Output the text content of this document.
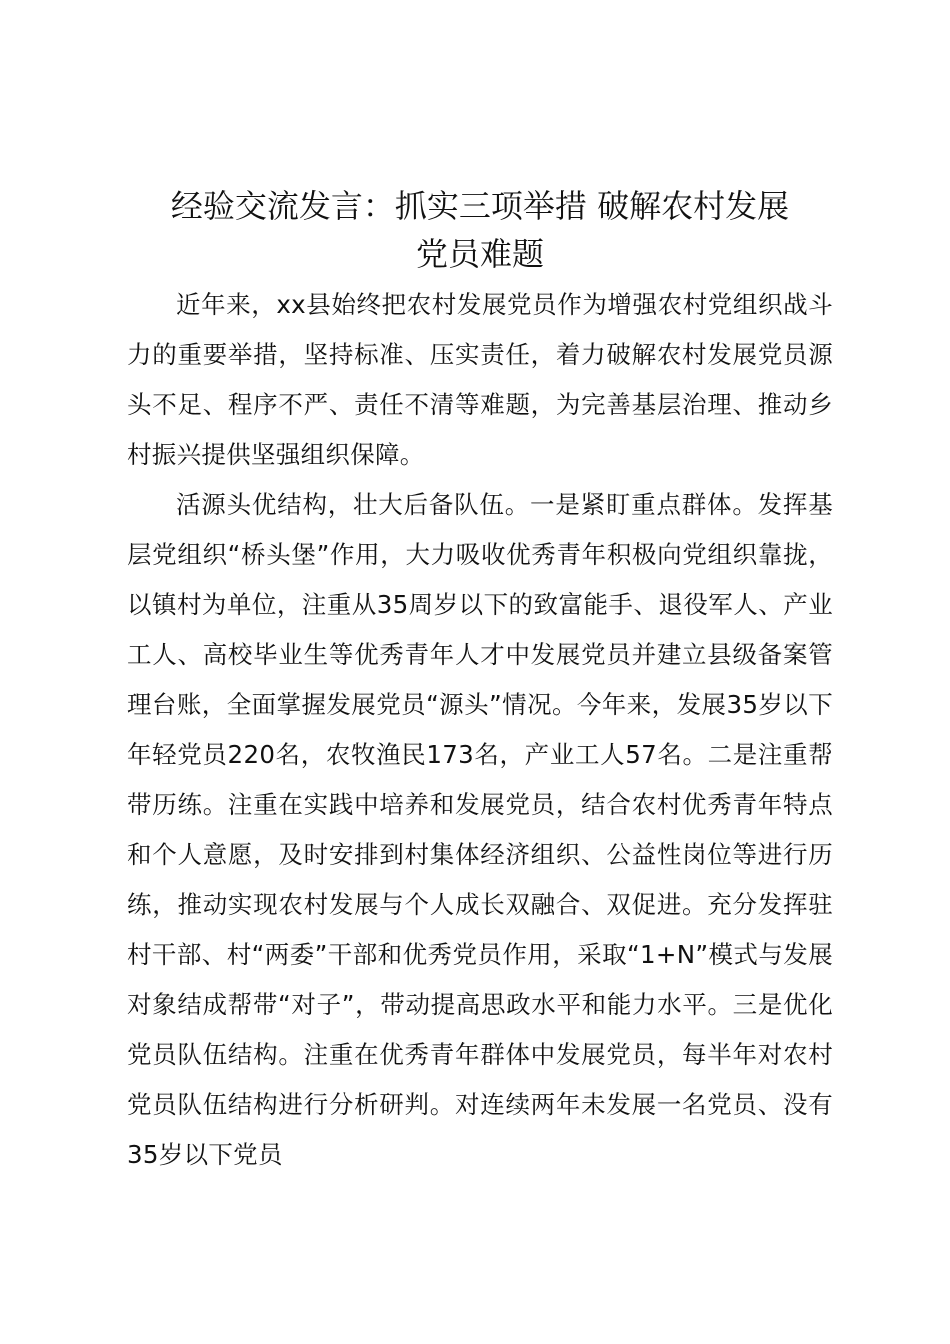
经验交流发言：抓实三项举措 破解农村发展
党员难题

近年来，xx县始终把农村发展党员作为增强农村党组织战斗力的重要举措，坚持标准、压实责任，着力破解农村发展党员源头不足、程序不严、责任不清等难题，为完善基层治理、推动乡村振兴提供坚强组织保障。

活源头优结构，壮大后备队伍。一是紧盯重点群体。发挥基层党组织“桥头堡”作用，大力吸收优秀青年积极向党组织靠拢，以镇村为单位，注重从35周岁以下的致富能手、退役军人、产业工人、高校毕业生等优秀青年人才中发展党员并建立县级备案管理台账，全面掌握发展党员“源头”情况。今年来，发展35岁以下年轻党员220名，农牧渔民173名，产业工人57名。二是注重帮带历练。注重在实践中培养和发展党员，结合农村优秀青年特点和个人意愿，及时安排到村集体经济组织、公益性岗位等进行历练，推动实现农村发展与个人成长双融合、双促进。充分发挥驻村干部、村“两委”干部和优秀党员作用，采取“1+N”模式与发展对象结成帮带“对子”，带动提高思政水平和能力水平。三是优化党员队伍结构。注重在优秀青年群体中发展党员，每半年对农村党员队伍结构进行分析研判。对连续两年未发展一名党员、没有35岁以下党员
